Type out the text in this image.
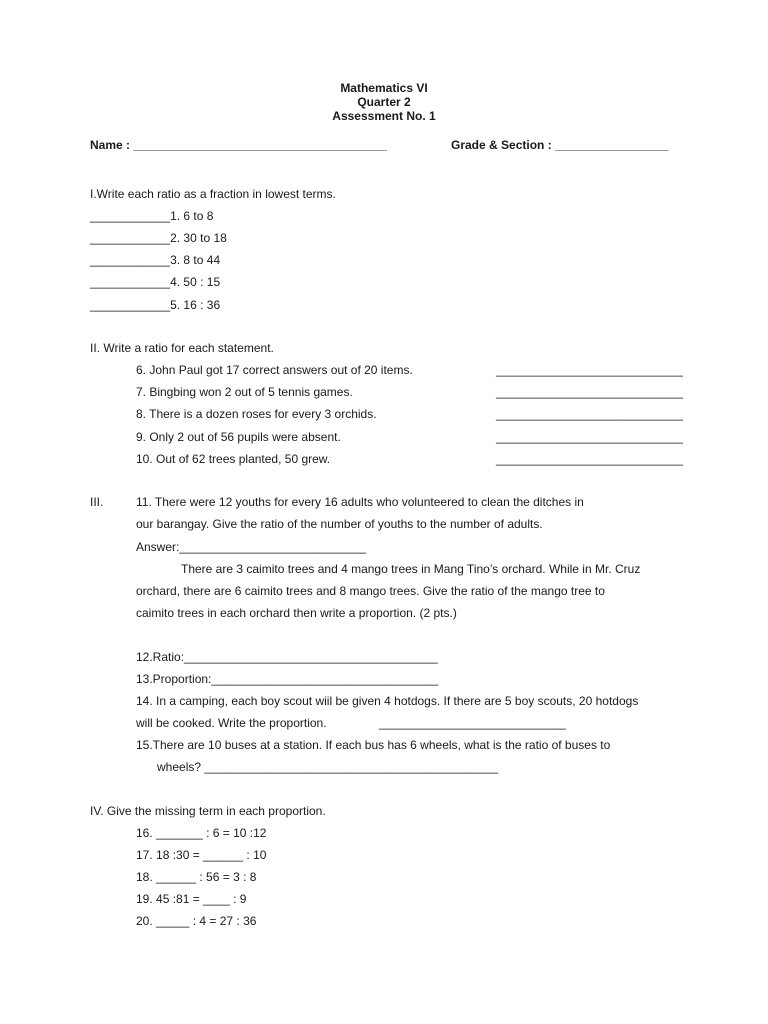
Mathematics VI
Quarter 2
Assessment No. 1
Name : ______________________________________	Grade & Section : _________________
I.Write each ratio as a fraction in lowest terms.
____________1. 6 to 8
____________2. 30 to 18
____________3. 8 to 44
____________4. 50 : 15
____________5. 16 : 36
II. Write a ratio for each statement.
6. John Paul got 17 correct answers out of 20 items.	____________________________
7. Bingbing won 2 out of 5 tennis games.	____________________________
8. There is a dozen roses for every 3 orchids.	____________________________
9. Only 2 out of 56 pupils were absent.	____________________________
10. Out of 62 trees planted, 50 grew.	____________________________
III.	11. There were 12 youths for every 16 adults who volunteered to clean the ditches in
our barangay. Give the ratio of the number of youths to the number of adults.
Answer:____________________________
There are 3 caimito trees and 4 mango trees in Mang Tino’s orchard. While in Mr. Cruz
orchard, there are 6 caimito trees and 8 mango trees. Give the ratio of the mango tree to
caimito trees in each orchard then write a proportion. (2 pts.)
12.Ratio:______________________________________
13.Proportion:__________________________________
14. In a camping, each boy scout wiil be given 4 hotdogs. If there are 5 boy scouts, 20 hotdogs
will be cooked. Write the proportion.	____________________________
15.There are 10 buses at a station. If each bus has 6 wheels, what is the ratio of buses to
wheels? ____________________________________________
IV. Give the missing term in each proportion.
16. _______ : 6 = 10 :12
17. 18 :30 = ______ : 10
18. ______ : 56 = 3 : 8
19. 45 :81 = ____ : 9
20. _____ : 4 = 27 : 36
